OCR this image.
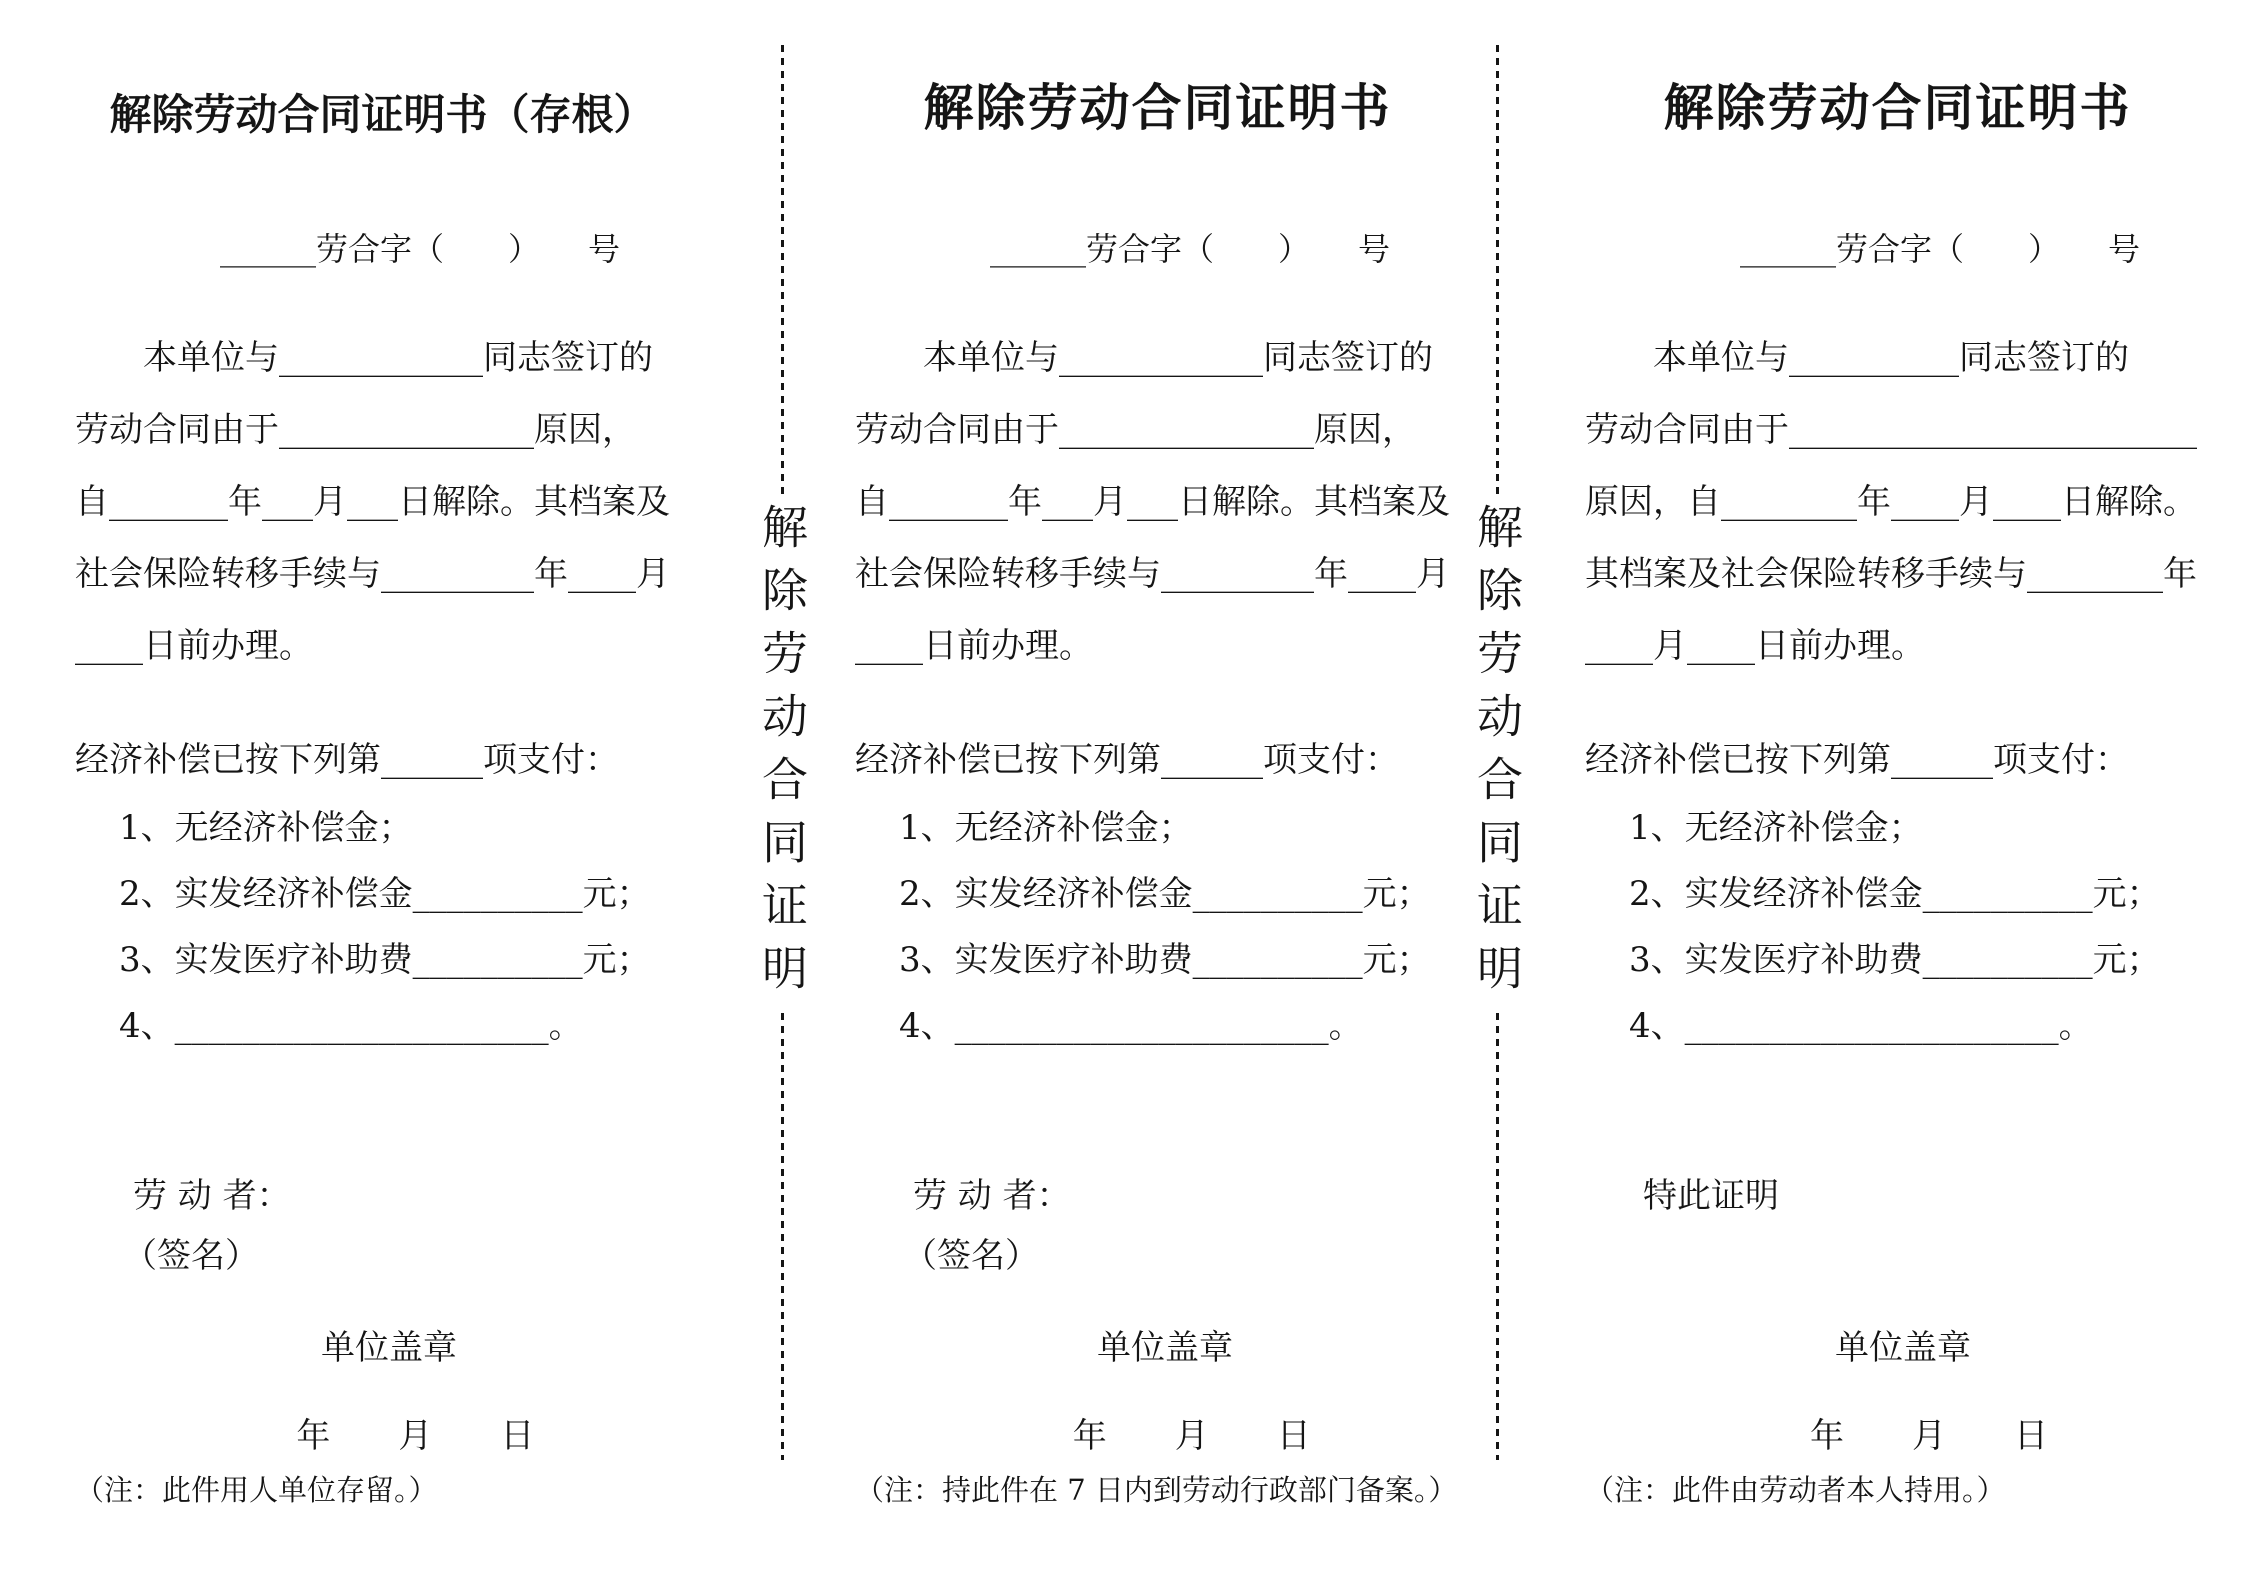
解除劳动合同证明书（存根）
______劳合字（　　）　　号

本单位与____________同志签订的

劳动合同由于_______________原因，

自_______年___月___日解除。其档案及

社会保险转移手续与_________年____月

____日前办理。

经济补偿已按下列第______项支付：
1、无经济补偿金；
2、实发经济补偿金__________元；
3、实发医疗补助费__________元；
4、______________________。
劳 动 者：
（签名）
单位盖章
年　　月　　日
（注：此件用人单位存留。）
解除劳动合同证明
解除劳动合同证明书
______劳合字（　　）　　号

本单位与____________同志签订的

劳动合同由于_______________原因，

自_______年___月___日解除。其档案及

社会保险转移手续与_________年____月

____日前办理。

经济补偿已按下列第______项支付：
1、无经济补偿金；
2、实发经济补偿金__________元；
3、实发医疗补助费__________元；
4、______________________。
劳 动 者：
（签名）
单位盖章
年　　月　　日
（注：持此件在 7 日内到劳动行政部门备案。）
解除劳动合同证明
解除劳动合同证明书
______劳合字（　　）　　号

本单位与__________同志签订的

劳动合同由于________________________

原因，自________年____月____日解除。

其档案及社会保险转移手续与________年

____月____日前办理。

经济补偿已按下列第______项支付：
1、无经济补偿金；
2、实发经济补偿金__________元；
3、实发医疗补助费__________元；
4、______________________。
特此证明
单位盖章
年　　月　　日
（注：此件由劳动者本人持用。）
